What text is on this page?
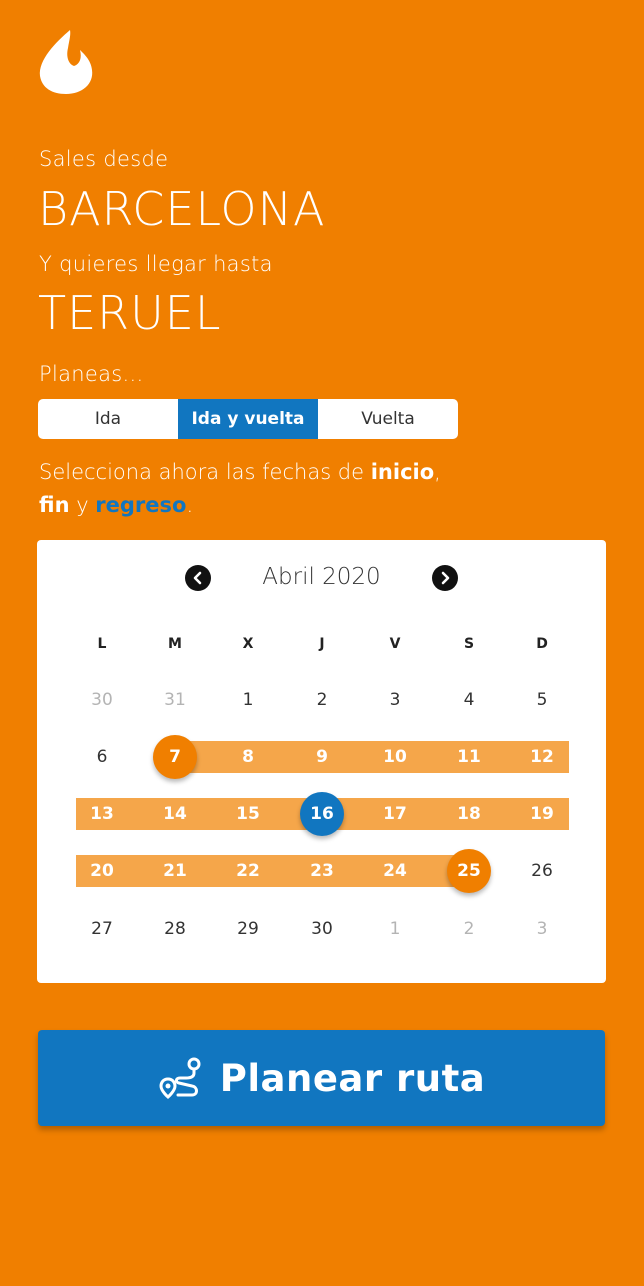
Sales desde
BARCELONA
Y quieres llegar hasta
TERUEL
Planeas...
Ida	Ida y vuelta	Vuelta
Selecciona ahora las fechas de inicio,
fin y regreso.
Abril 2020
L	M	X	J	V	S	D
30	31	1	2	3	4	5
6	7	8	9	10	11	12
13	14	15	16	17	18	19
20	21	22	23	24	25	26
27	28	29	30	1	2	3
Planear ruta
